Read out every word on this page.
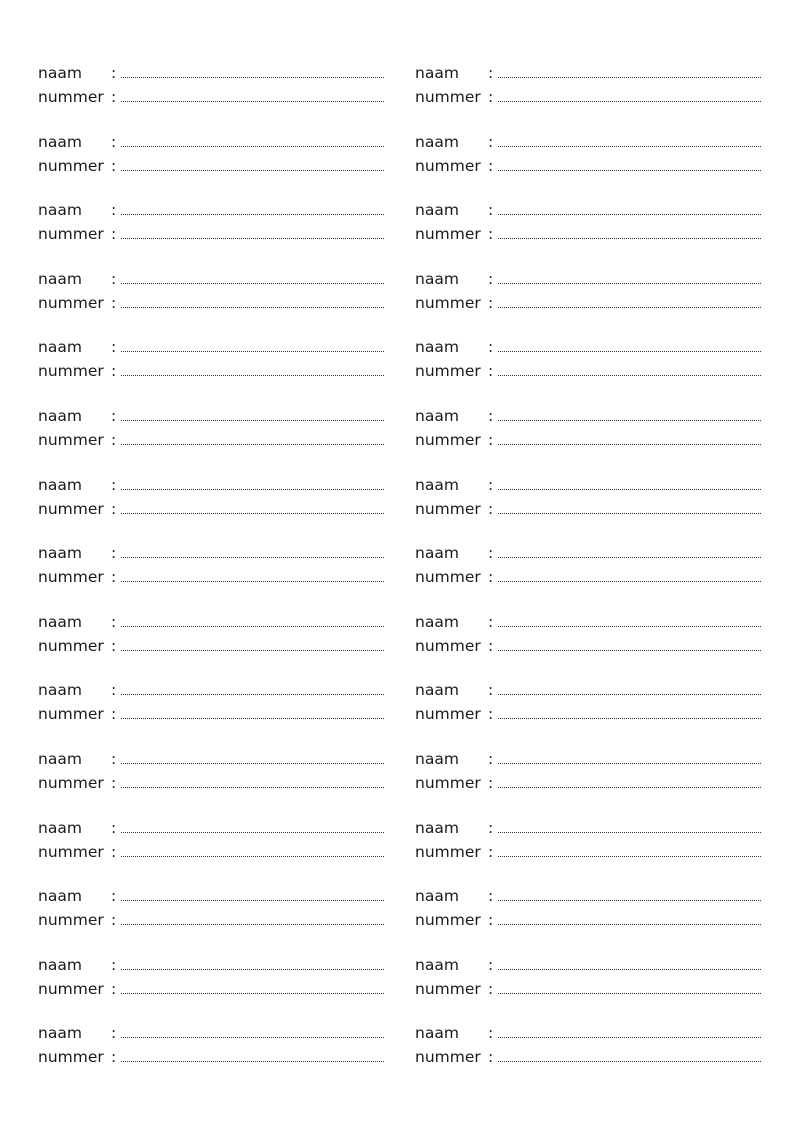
naam	:
nummer :
naam	:
nummer :
naam	:
nummer :
naam	:
nummer :
naam	:
nummer :
naam	:
nummer :
naam	:
nummer :
naam	:
nummer :
naam	:
nummer :
naam	:
nummer :
naam	:
nummer :
naam	:
nummer :
naam	:
nummer :
naam	:
nummer :
naam	:
nummer :
naam	:
nummer :
naam	:
nummer :
naam	:
nummer :
naam	:
nummer :
naam	:
nummer :
naam	:
nummer :
naam	:
nummer :
naam	:
nummer :
naam	:
nummer :
naam	:
nummer :
naam	:
nummer :
naam	:
nummer :
naam	:
nummer :
naam	:
nummer :
naam	:
nummer :
